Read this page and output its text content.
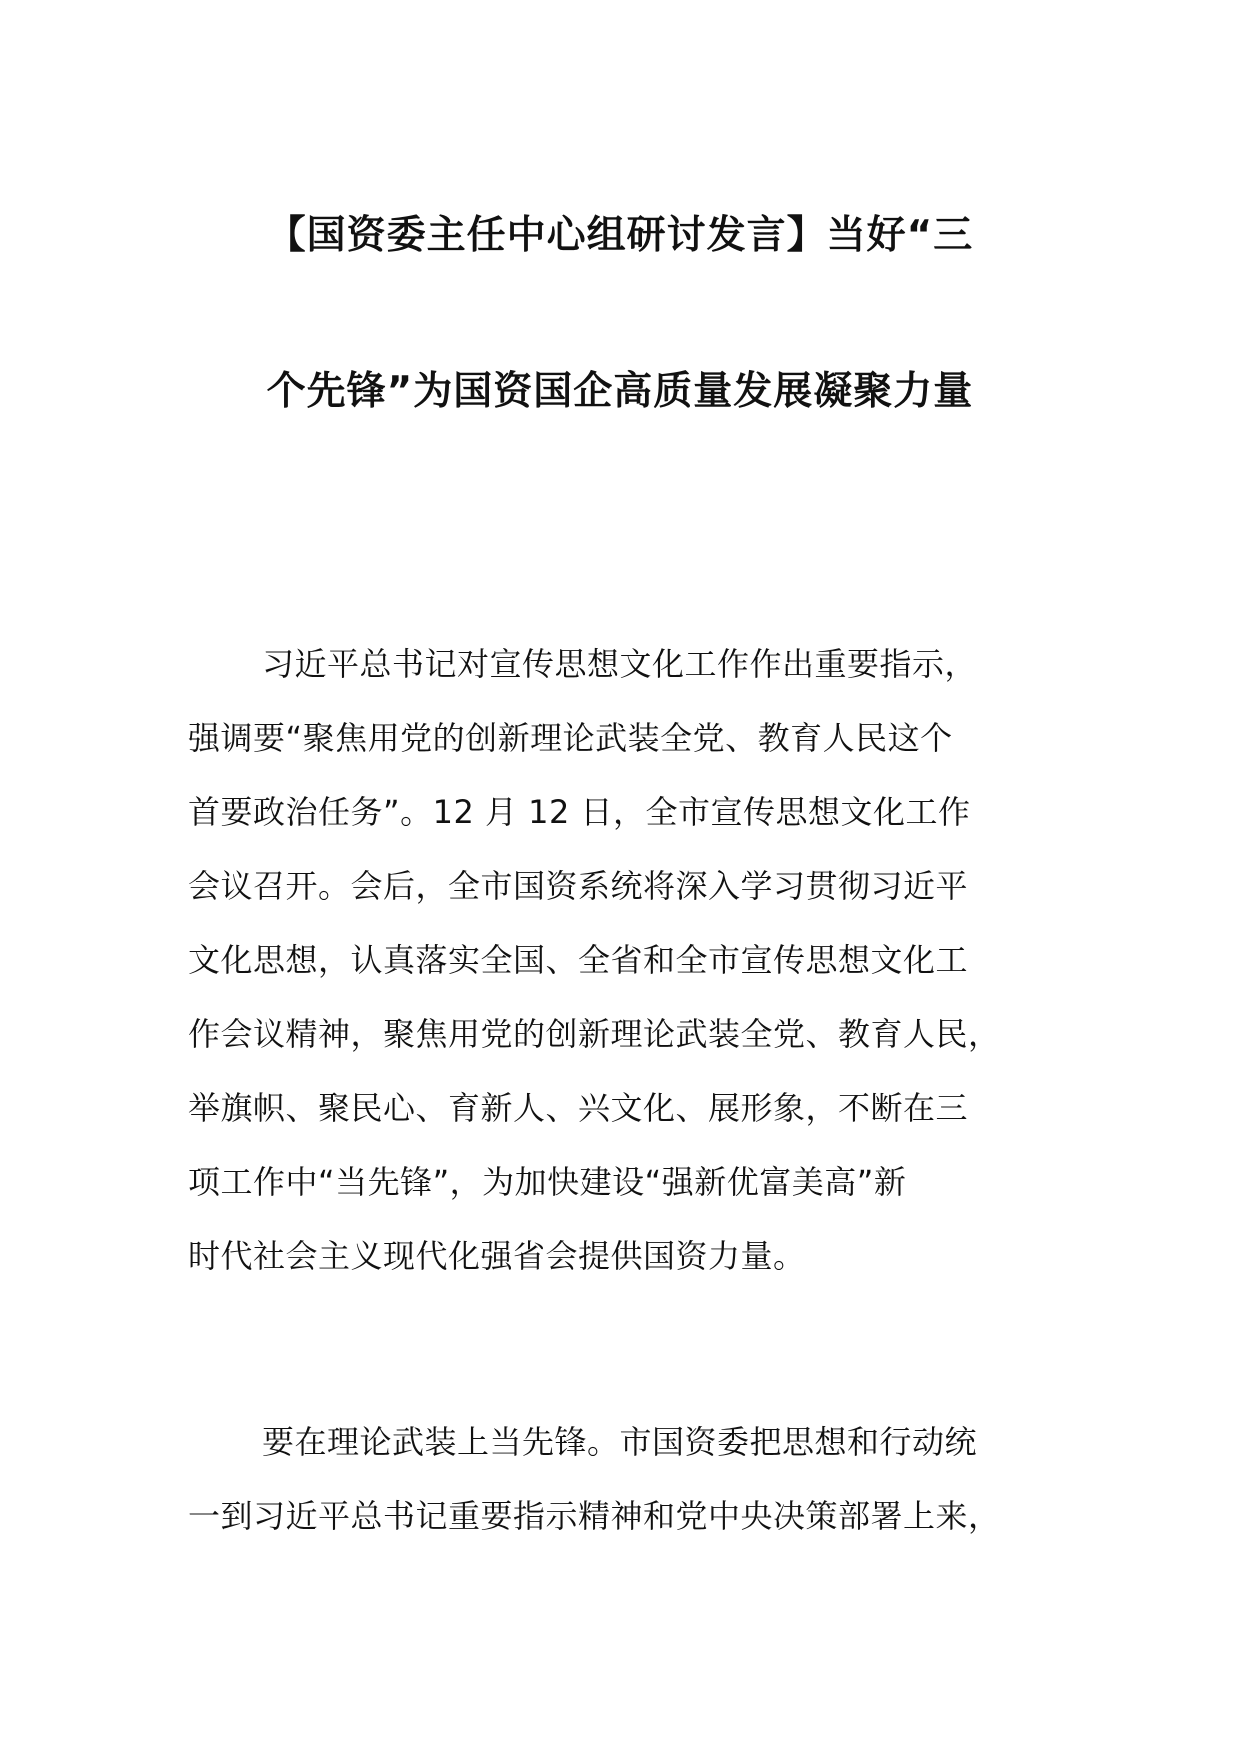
【国资委主任中心组研讨发言】当好“三
个先锋”为国资国企高质量发展凝聚力量
习近平总书记对宣传思想文化工作作出重要指示，
强调要“聚焦用党的创新理论武装全党、教育人民这个
首要政治任务”。12 月 12 日，全市宣传思想文化工作
会议召开。会后，全市国资系统将深入学习贯彻习近平
文化思想，认真落实全国、全省和全市宣传思想文化工
作会议精神，聚焦用党的创新理论武装全党、教育人民，
举旗帜、聚民心、育新人、兴文化、展形象，不断在三
项工作中“当先锋”，为加快建设“强新优富美高”新
时代社会主义现代化强省会提供国资力量。
要在理论武装上当先锋。市国资委把思想和行动统
一到习近平总书记重要指示精神和党中央决策部署上来，
